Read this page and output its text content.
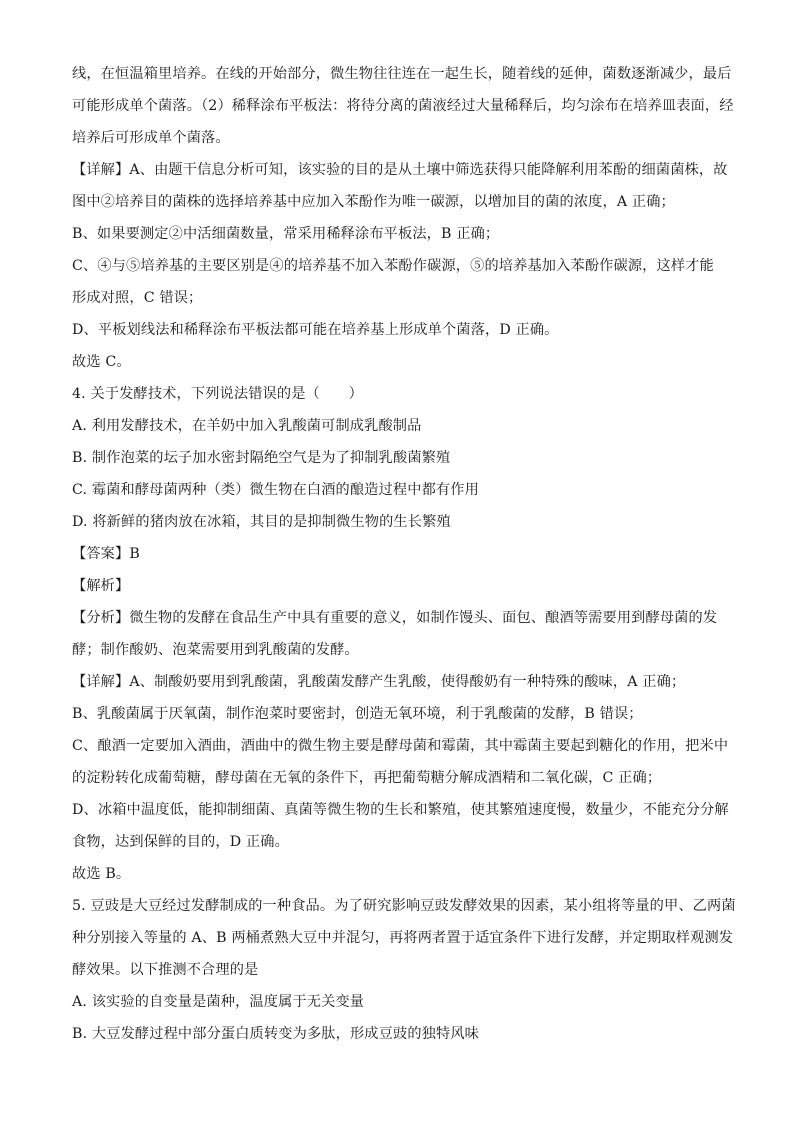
线，在恒温箱里培养。在线的开始部分，微生物往往连在一起生长，随着线的延伸，菌数逐渐减少，最后
可能形成单个菌落。（2）稀释涂布平板法：将待分离的菌液经过大量稀释后，均匀涂布在培养皿表面，经
培养后可形成单个菌落。
【详解】A、由题干信息分析可知，该实验的目的是从土壤中筛选获得只能降解利用苯酚的细菌菌株，故
图中②培养目的菌株的选择培养基中应加入苯酚作为唯一碳源，以增加目的菌的浓度，A 正确；
B、如果要测定②中活细菌数量，常采用稀释涂布平板法，B 正确；
C、④与⑤培养基的主要区别是④的培养基不加入苯酚作碳源，⑤的培养基加入苯酚作碳源，这样才能
形成对照，C 错误；
D、平板划线法和稀释涂布平板法都可能在培养基上形成单个菌落，D 正确。
故选 C。
4. 关于发酵技术，下列说法错误的是（　　）
A. 利用发酵技术，在羊奶中加入乳酸菌可制成乳酸制品
B. 制作泡菜的坛子加水密封隔绝空气是为了抑制乳酸菌繁殖
C. 霉菌和酵母菌两种（类）微生物在白酒的酿造过程中都有作用
D. 将新鲜的猪肉放在冰箱，其目的是抑制微生物的生长繁殖
【答案】B
【解析】
【分析】微生物的发酵在食品生产中具有重要的意义，如制作馒头、面包、酿酒等需要用到酵母菌的发
酵；制作酸奶、泡菜需要用到乳酸菌的发酵。
【详解】A、制酸奶要用到乳酸菌，乳酸菌发酵产生乳酸，使得酸奶有一种特殊的酸味，A 正确；
B、乳酸菌属于厌氧菌，制作泡菜时要密封，创造无氧环境，利于乳酸菌的发酵，B 错误；
C、酿酒一定要加入酒曲，酒曲中的微生物主要是酵母菌和霉菌，其中霉菌主要起到糖化的作用，把米中
的淀粉转化成葡萄糖，酵母菌在无氧的条件下，再把葡萄糖分解成酒精和二氧化碳，C 正确；
D、冰箱中温度低，能抑制细菌、真菌等微生物的生长和繁殖，使其繁殖速度慢，数量少，不能充分分解
食物，达到保鲜的目的，D 正确。
故选 B。
5. 豆豉是大豆经过发酵制成的一种食品。为了研究影响豆豉发酵效果的因素，某小组将等量的甲、乙两菌
种分别接入等量的 A、B 两桶煮熟大豆中并混匀，再将两者置于适宜条件下进行发酵，并定期取样观测发
酵效果。以下推测不合理的是
A. 该实验的自变量是菌种，温度属于无关变量
B. 大豆发酵过程中部分蛋白质转变为多肽，形成豆豉的独特风味
